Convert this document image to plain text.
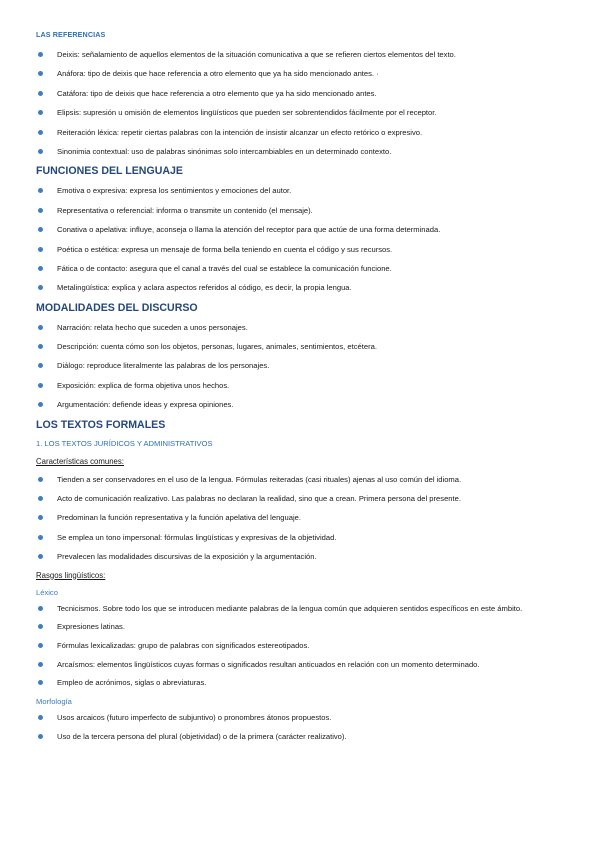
LAS REFERENCIAS
Deixis: señalamiento de aquellos elementos de la situación comunicativa a que se refieren ciertos elementos del texto.
Anáfora: tipo de deixis que hace referencia a otro elemento que ya ha sido mencionado antes. ·
Catáfora: tipo de deixis que hace referencia a otro elemento que ya ha sido mencionado antes.
Elipsis: supresión u omisión de elementos lingüísticos que pueden ser sobrentendidos fácilmente por el receptor.
Reiteración léxica: repetir ciertas palabras con la intención de insistir alcanzar un efecto retórico o expresivo.
Sinonimia contextual: uso de palabras sinónimas solo intercambiables en un determinado contexto.
FUNCIONES DEL LENGUAJE
Emotiva o expresiva: expresa los sentimientos y emociones del autor.
Representativa o referencial: informa o transmite un contenido (el mensaje).
Conativa o apelativa: influye, aconseja o llama la atención del receptor para que actúe de una forma determinada.
Poética o estética: expresa un mensaje de forma bella teniendo en cuenta el código y sus recursos.
Fática o de contacto: asegura que el canal a través del cual se establece la comunicación funcione.
Metalingüística: explica y aclara aspectos referidos al código, es decir, la propia lengua.
MODALIDADES DEL DISCURSO
Narración: relata hecho que suceden a unos personajes.
Descripción: cuenta cómo son los objetos, personas, lugares, animales, sentimientos, etcétera.
Diálogo: reproduce literalmente las palabras de los personajes.
Exposición: explica de forma objetiva unos hechos.
Argumentación: defiende ideas y expresa opiniones.
LOS TEXTOS FORMALES
1. LOS TEXTOS JURÍDICOS Y ADMINISTRATIVOS
Características comunes:
Tienden a ser conservadores en el uso de la lengua. Fórmulas reiteradas (casi rituales) ajenas al uso común del idioma.
Acto de comunicación realizativo. Las palabras no declaran la realidad, sino que a crean. Primera persona del presente.
Predominan la función representativa y la función apelativa del lenguaje.
Se emplea un tono impersonal: fórmulas lingüísticas y expresivas de la objetividad.
Prevalecen las modalidades discursivas de la exposición y la argumentación.
Rasgos lingüísticos:
Léxico
Tecnicismos. Sobre todo los que se introducen mediante palabras de la lengua común que adquieren sentidos específicos en este ámbito.
Expresiones latinas.
Fórmulas lexicalizadas: grupo de palabras con significados estereotipados.
Arcaísmos: elementos lingüísticos cuyas formas o significados resultan anticuados en relación con un momento determinado.
Empleo de acrónimos, siglas o abreviaturas.
Morfología
Usos arcaicos (futuro imperfecto de subjuntivo) o pronombres átonos propuestos.
Uso de la tercera persona del plural (objetividad) o de la primera (carácter realizativo).
